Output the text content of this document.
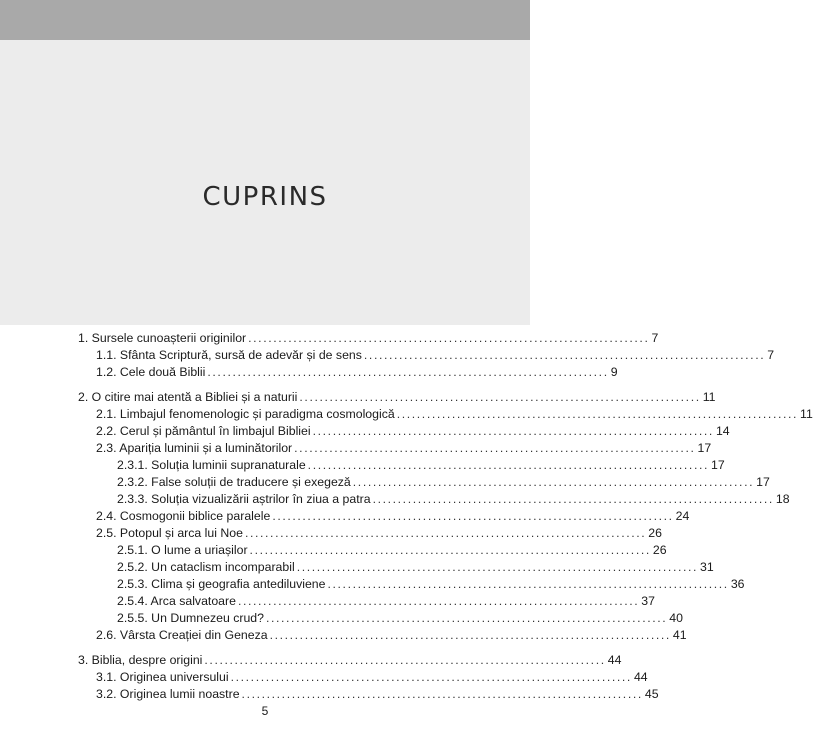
CUPRINS
1. Sursele cunoașterii originilor ................................................................................ 7
1.1. Sfânta Scriptură, sursă de adevăr și de sens ................................................................................ 7
1.2. Cele două Biblii ................................................................................ 9
2. O citire mai atentă a Bibliei și a naturii ................................................................................ 11
2.1. Limbajul fenomenologic și paradigma cosmologică ................................................................................ 11
2.2. Cerul și pământul în limbajul Bibliei ................................................................................ 14
2.3. Apariția luminii și a luminătorilor ................................................................................ 17
2.3.1. Soluția luminii supranaturale ................................................................................ 17
2.3.2. False soluții de traducere și exegeză ................................................................................ 17
2.3.3. Soluția vizualizării aștrilor în ziua a patra ................................................................................ 18
2.4. Cosmogonii biblice paralele ................................................................................ 24
2.5. Potopul și arca lui Noe ................................................................................ 26
2.5.1. O lume a uriașilor ................................................................................ 26
2.5.2. Un cataclism incomparabil ................................................................................ 31
2.5.3. Clima și geografia antediluviene ................................................................................ 36
2.5.4. Arca salvatoare ................................................................................ 37
2.5.5. Un Dumnezeu crud? ................................................................................ 40
2.6. Vârsta Creației din Geneza ................................................................................ 41
3. Biblia, despre origini ................................................................................ 44
3.1. Originea universului ................................................................................ 44
3.2. Originea lumii noastre ................................................................................ 45
5
